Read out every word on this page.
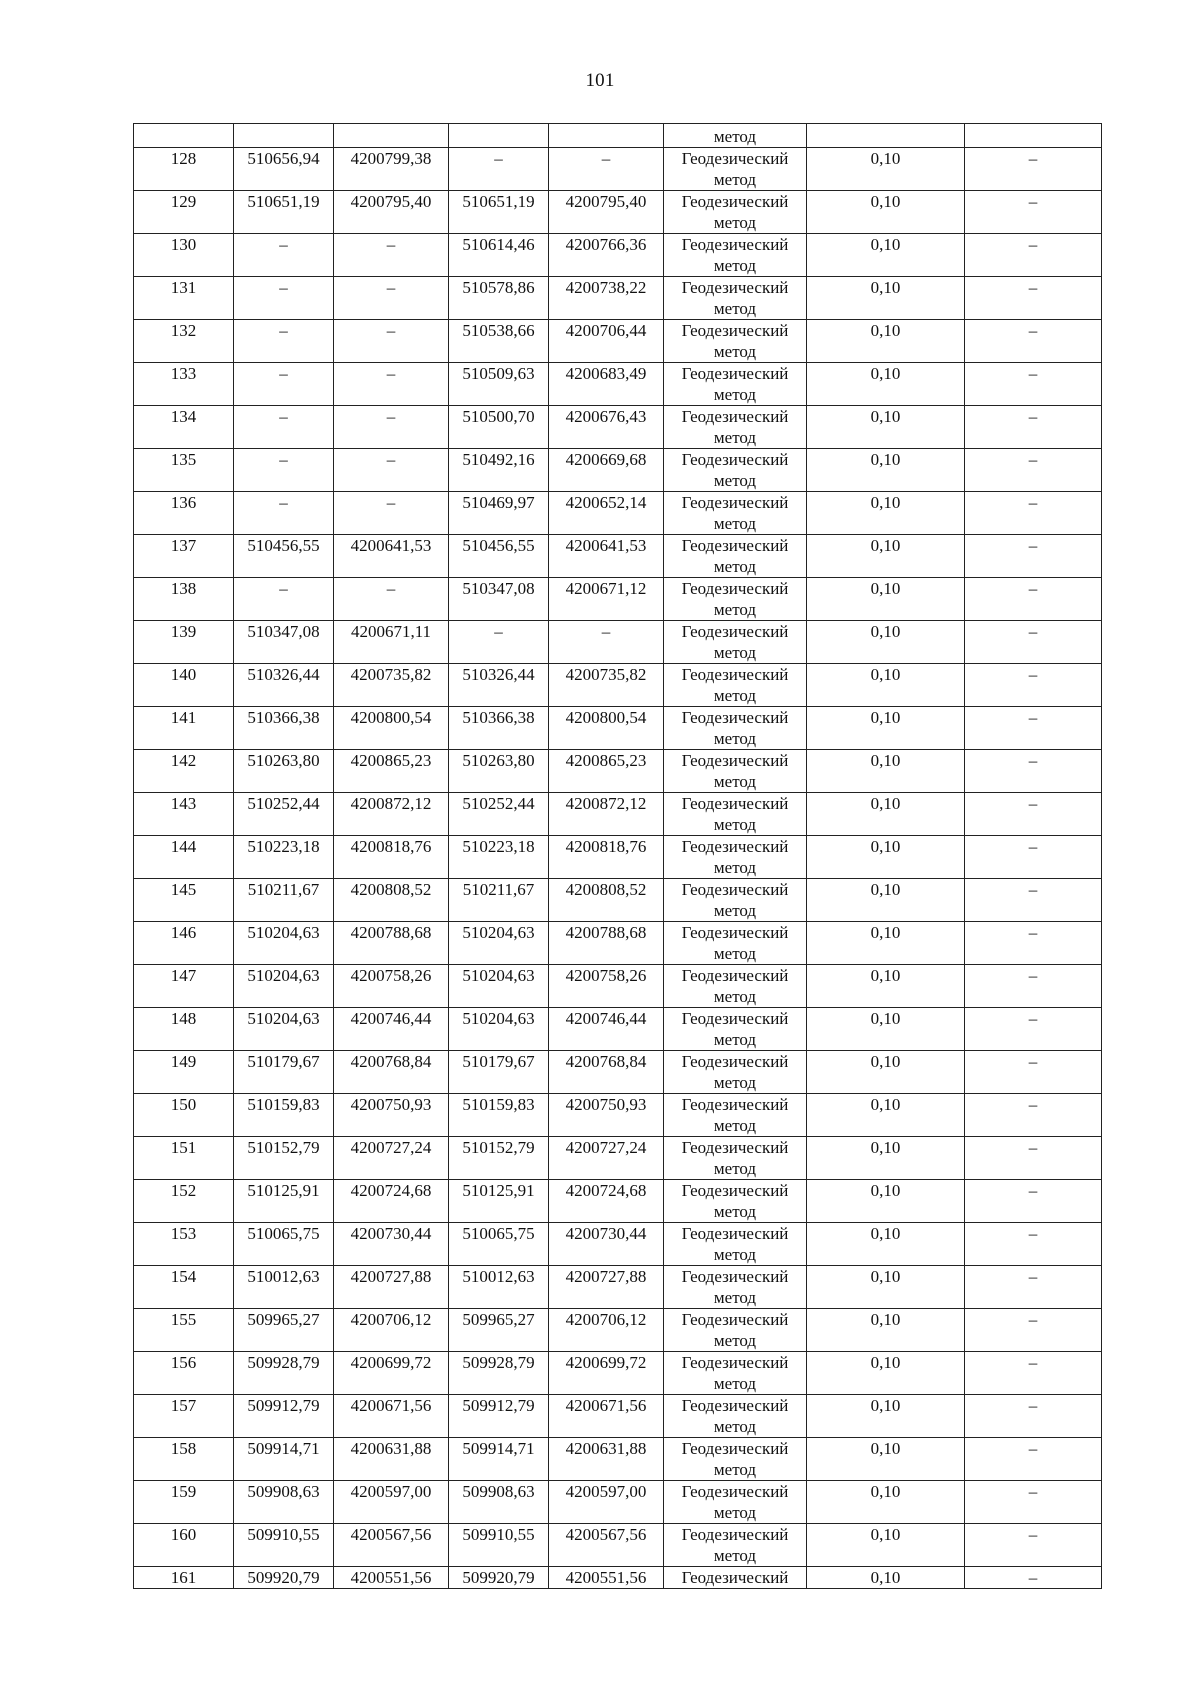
101

					метод		

128	510656,94	4200799,38	–	–	Геодезический метод	0,10	–

129	510651,19	4200795,40	510651,19	4200795,40	Геодезический метод	0,10	–

130	–	–	510614,46	4200766,36	Геодезический метод	0,10	–

131	–	–	510578,86	4200738,22	Геодезический метод	0,10	–

132	–	–	510538,66	4200706,44	Геодезический метод	0,10	–

133	–	–	510509,63	4200683,49	Геодезический метод	0,10	–

134	–	–	510500,70	4200676,43	Геодезический метод	0,10	–

135	–	–	510492,16	4200669,68	Геодезический метод	0,10	–

136	–	–	510469,97	4200652,14	Геодезический метод	0,10	–

137	510456,55	4200641,53	510456,55	4200641,53	Геодезический метод	0,10	–

138	–	–	510347,08	4200671,12	Геодезический метод	0,10	–

139	510347,08	4200671,11	–	–	Геодезический метод	0,10	–

140	510326,44	4200735,82	510326,44	4200735,82	Геодезический метод	0,10	–

141	510366,38	4200800,54	510366,38	4200800,54	Геодезический метод	0,10	–

142	510263,80	4200865,23	510263,80	4200865,23	Геодезический метод	0,10	–

143	510252,44	4200872,12	510252,44	4200872,12	Геодезический метод	0,10	–

144	510223,18	4200818,76	510223,18	4200818,76	Геодезический метод	0,10	–

145	510211,67	4200808,52	510211,67	4200808,52	Геодезический метод	0,10	–

146	510204,63	4200788,68	510204,63	4200788,68	Геодезический метод	0,10	–

147	510204,63	4200758,26	510204,63	4200758,26	Геодезический метод	0,10	–

148	510204,63	4200746,44	510204,63	4200746,44	Геодезический метод	0,10	–

149	510179,67	4200768,84	510179,67	4200768,84	Геодезический метод	0,10	–

150	510159,83	4200750,93	510159,83	4200750,93	Геодезический метод	0,10	–

151	510152,79	4200727,24	510152,79	4200727,24	Геодезический метод	0,10	–

152	510125,91	4200724,68	510125,91	4200724,68	Геодезический метод	0,10	–

153	510065,75	4200730,44	510065,75	4200730,44	Геодезический метод	0,10	–

154	510012,63	4200727,88	510012,63	4200727,88	Геодезический метод	0,10	–

155	509965,27	4200706,12	509965,27	4200706,12	Геодезический метод	0,10	–

156	509928,79	4200699,72	509928,79	4200699,72	Геодезический метод	0,10	–

157	509912,79	4200671,56	509912,79	4200671,56	Геодезический метод	0,10	–

158	509914,71	4200631,88	509914,71	4200631,88	Геодезический метод	0,10	–

159	509908,63	4200597,00	509908,63	4200597,00	Геодезический метод	0,10	–

160	509910,55	4200567,56	509910,55	4200567,56	Геодезический метод	0,10	–

161	509920,79	4200551,56	509920,79	4200551,56	Геодезический	0,10	–
